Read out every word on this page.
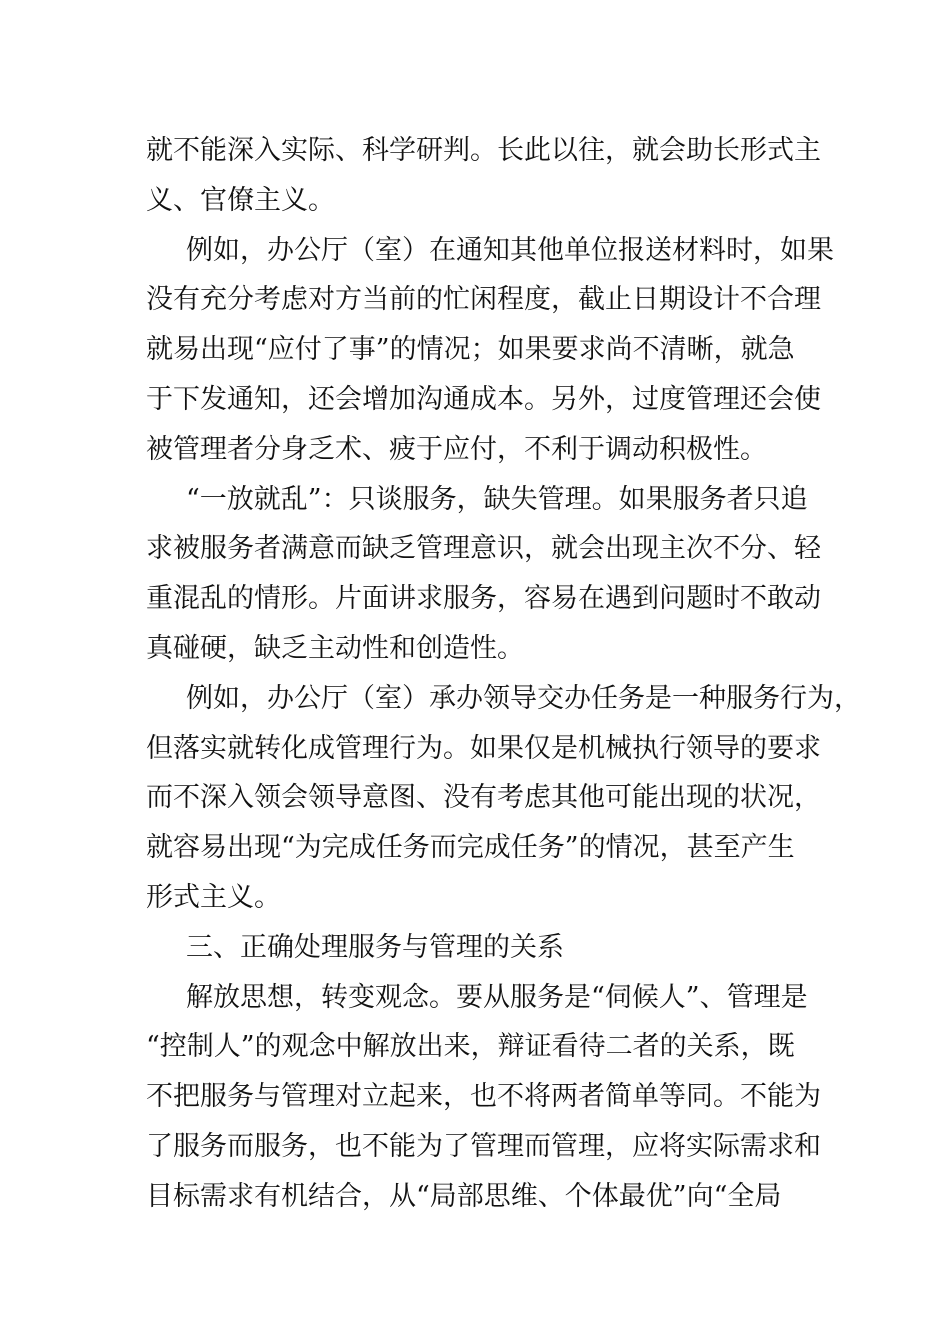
就不能深入实际、科学研判。长此以往，就会助长形式主
义、官僚主义。
例如，办公厅（室）在通知其他单位报送材料时，如果
没有充分考虑对方当前的忙闲程度，截止日期设计不合理
就易出现“应付了事”的情况；如果要求尚不清晰，就急
于下发通知，还会增加沟通成本。另外，过度管理还会使
被管理者分身乏术、疲于应付，不利于调动积极性。
“一放就乱”：只谈服务，缺失管理。如果服务者只追
求被服务者满意而缺乏管理意识，就会出现主次不分、轻
重混乱的情形。片面讲求服务，容易在遇到问题时不敢动
真碰硬，缺乏主动性和创造性。
例如，办公厅（室）承办领导交办任务是一种服务行为，
但落实就转化成管理行为。如果仅是机械执行领导的要求
而不深入领会领导意图、没有考虑其他可能出现的状况，
就容易出现“为完成任务而完成任务”的情况，甚至产生
形式主义。
三、正确处理服务与管理的关系
解放思想，转变观念。要从服务是“伺候人”、管理是
“控制人”的观念中解放出来，辩证看待二者的关系，既
不把服务与管理对立起来，也不将两者简单等同。不能为
了服务而服务，也不能为了管理而管理，应将实际需求和
目标需求有机结合，从“局部思维、个体最优”向“全局
